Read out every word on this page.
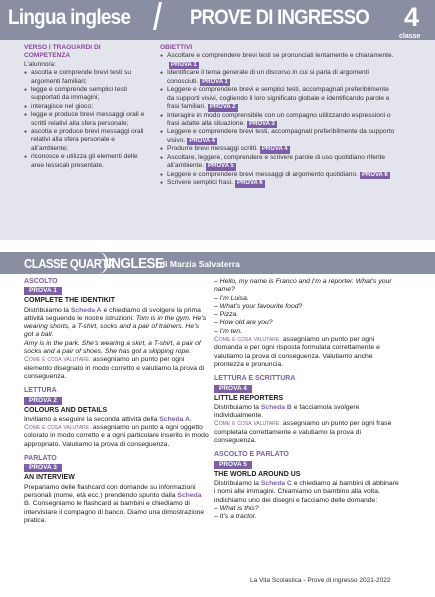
Lingua inglese	PROVE DI INGRESSO 4
classe
VERSO I TRAGUARDI DI
COMPETENZA

L’alunno/a:

● ascolta e comprende brevi testi su argomenti familiari;

● legge e comprende semplici testi supportati da immagini;

● interagisce nel gioco;

● legge e produce brevi messaggi orali e scritti relativi alla sfera personale;

● ascolta e produce brevi messaggi orali relativi alla sfera personale e all’ambiente;

● riconosce e utilizza gli elementi delle aree lessicali presentate.

OBIETTIVI

● Ascoltare e comprendere brevi testi se pronunciati lentamente e chiaramente.PROVA 1

● Identificare il tema generale di un discorso in cui si parla di argomenti conosciuti. PROVA 1

● Leggere e comprendere brevi e semplici testi, accompagnati preferibilmente da supporti visivi, cogliendo il loro significato globale e identificando parole e frasi familiari. PROVA 2

● Interagire in modo comprensibile con un compagno utilizzando espressioni o frasi adatte alla situazione. PROVA 3

● Leggere e comprendere brevi testi, accompagnati preferibilmente da supporto visivo. PROVA 4

● Produrre brevi messaggi scritti. PROVA 4

● Ascoltare, leggere, comprendere e scrivere parole di uso quotidiano riferite all’ambiente. PROVA 5

● Leggere e comprendere brevi messaggi di argomento quotidiano. PROVA 6

● Scrivere semplici frasi. PROVA 6

CLASSE QUARTA
INGLESE
di Marzia Salvaterra
ASCOLTO
PROVA 1
COMPLETE THE IDENTIKIT

Distribuiamo la Scheda A e chiediamo di svolgere la prima attività seguendo le nostre istruzioni: Tom is in the gym. He’s wearing shorts, a T-shirt, socks and a pair of trainers. He’s got a ball.

Amy is in the park. She’s wearing a skirt, a T-shirt, a pair of socks and a pair of shoes. She has got a skipping rope.

Come e cosa valutare: assegniamo un punto per ogni elemento disegnato in modo corretto e valutiamo la prova di conseguenza.

LETTURA
PROVA 2
COLOURS AND DETAILS

Invitiamo a eseguire la seconda attività della Scheda A.

Come e cosa valutare: assegniamo un punto a ogni oggetto colorato in modo corretto e a ogni particolare inserito in modo appropriato. Valutiamo la prova di conseguenza.

PARLATO
PROVA 3
AN INTERVIEW

Prepariamo delle flashcard con domande su informazioni personali (nome, età ecc.) prendendo spunto dalla Scheda B. Consegniamo le flashcard ai bambini e chiediamo di intervistare il compagno di banco. Diamo una dimostrazione pratica.

– Hello, my name is Franco and I’m a reporter. What’s your name?

– I’m Luisa.

– What’s your favourite food?

– Pizza.

– How old are you?

– I’m ten.

Come e cosa valutare: assegniamo un punto per ogni domanda e per ogni risposta formulata correttamente e valutiamo la prova di conseguenza. Valutiamo anche prontezza e pronuncia.

LETTURA E SCRITTURA
PROVA 4
LITTLE REPORTERS

Distribuiamo la Scheda B e facciamola svolgere individualmente.

Come e cosa valutare: assegniamo un punto per ogni frase completata correttamente e valutiamo la prova di conseguenza.

ASCOLTO E PARLATO
PROVA 5
THE WORLD AROUND US

Distribuiamo la Scheda C e chiediamo ai bambini di abbinare i nomi alle immagini. Chiamiamo un bambino alla volta, indichiamo uno dei disegni e facciamo delle domande:

– What is this?

– It’s a tractor.

La Vita Scolastica - Prove di ingresso 2021-2022
